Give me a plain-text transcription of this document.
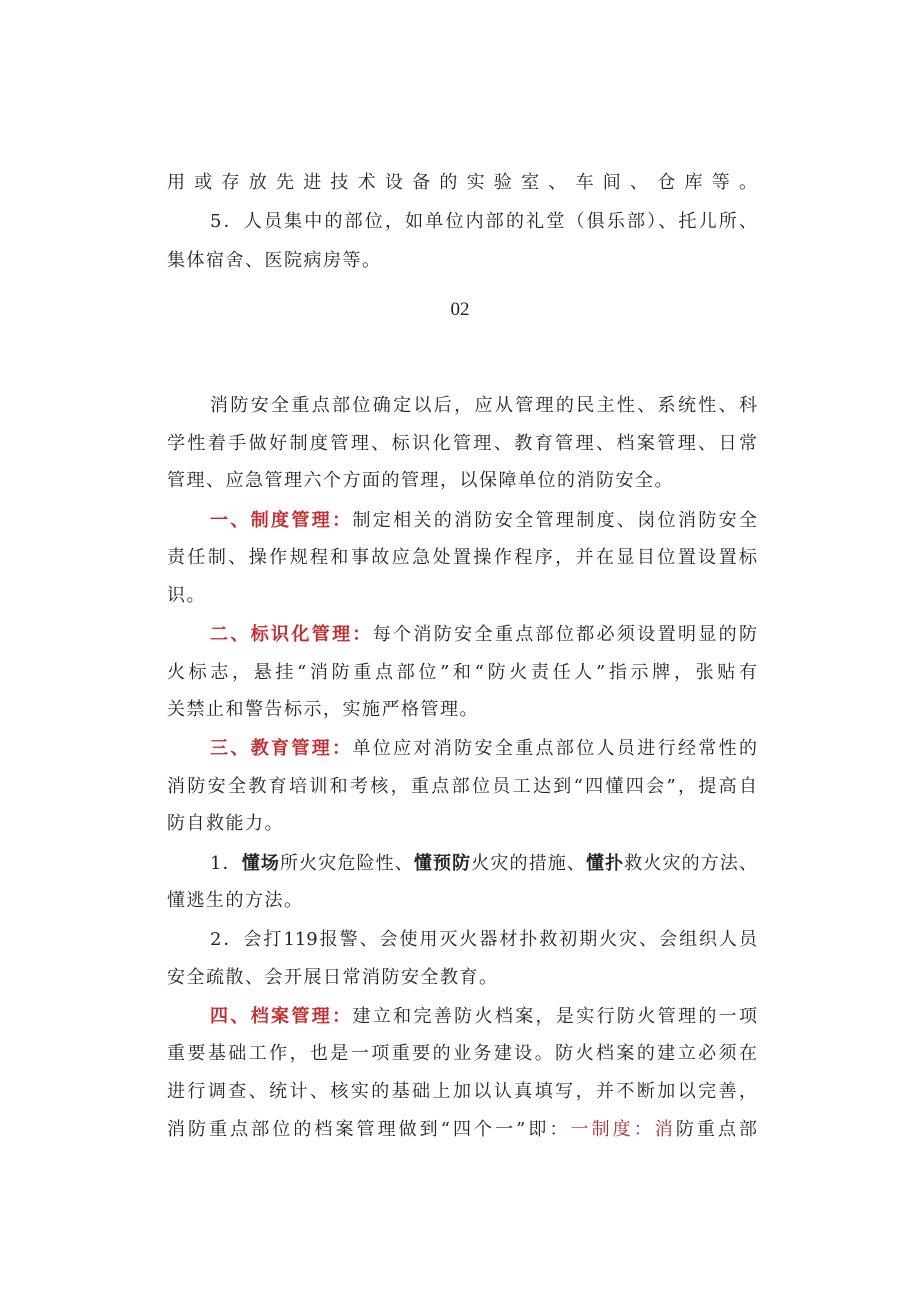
用或存放先进技术设备的实验室、车间、仓库等。
5．人员集中的部位，如单位内部的礼堂（俱乐部）、托儿所、
集体宿舍、医院病房等。
02
消防安全重点部位确定以后，应从管理的民主性、系统性、科
学性着手做好制度管理、标识化管理、教育管理、档案管理、日常
管理、应急管理六个方面的管理，以保障单位的消防安全。
一、制度管理：制定相关的消防安全管理制度、岗位消防安全
责任制、操作规程和事故应急处置操作程序，并在显目位置设置标
识。
二、标识化管理：每个消防安全重点部位都必须设置明显的防
火标志，悬挂“消防重点部位”和“防火责任人”指示牌，张贴有
关禁止和警告标示，实施严格管理。
三、教育管理：单位应对消防安全重点部位人员进行经常性的
消防安全教育培训和考核，重点部位员工达到“四懂四会”，提高自
防自救能力。
1．懂场所火灾危险性、懂预防火灾的措施、懂扑救火灾的方法、
懂逃生的方法。
2．会打119报警、会使用灭火器材扑救初期火灾、会组织人员
安全疏散、会开展日常消防安全教育。
四、档案管理：建立和完善防火档案，是实行防火管理的一项
重要基础工作，也是一项重要的业务建设。防火档案的建立必须在
进行调查、统计、核实的基础上加以认真填写，并不断加以完善，
消防重点部位的档案管理做到“四个一”即：一制度：消防重点部
